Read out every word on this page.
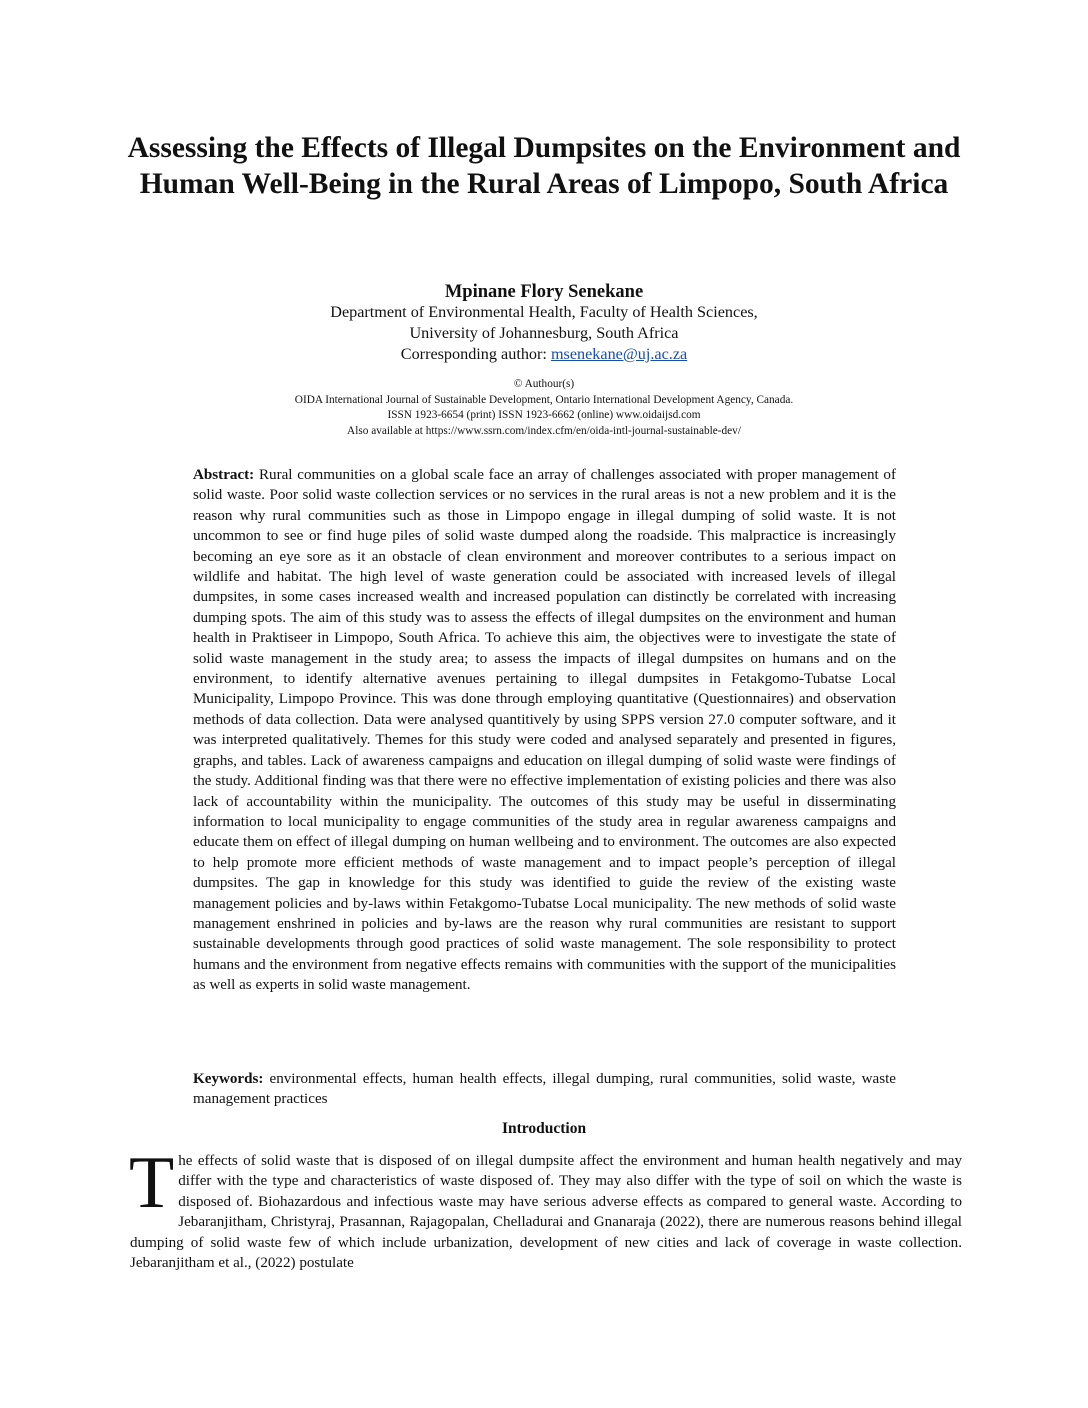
Assessing the Effects of Illegal Dumpsites on the Environment and Human Well-Being in the Rural Areas of Limpopo, South Africa
Mpinane Flory Senekane
Department of Environmental Health, Faculty of Health Sciences,
University of Johannesburg, South Africa
Corresponding author: msenekane@uj.ac.za
© Authour(s)
OIDA International Journal of Sustainable Development, Ontario International Development Agency, Canada.
ISSN 1923-6654 (print) ISSN 1923-6662 (online) www.oidaijsd.com
Also available at https://www.ssrn.com/index.cfm/en/oida-intl-journal-sustainable-dev/

Abstract: Rural communities on a global scale face an array of challenges associated with proper management of solid waste. Poor solid waste collection services or no services in the rural areas is not a new problem and it is the reason why rural communities such as those in Limpopo engage in illegal dumping of solid waste. It is not uncommon to see or find huge piles of solid waste dumped along the roadside. This malpractice is increasingly becoming an eye sore as it an obstacle of clean environment and moreover contributes to a serious impact on wildlife and habitat. The high level of waste generation could be associated with increased levels of illegal dumpsites, in some cases increased wealth and increased population can distinctly be correlated with increasing dumping spots. The aim of this study was to assess the effects of illegal dumpsites on the environment and human health in Praktiseer in Limpopo, South Africa. To achieve this aim, the objectives were to investigate the state of solid waste management in the study area; to assess the impacts of illegal dumpsites on humans and on the environment, to identify alternative avenues pertaining to illegal dumpsites in Fetakgomo-Tubatse Local Municipality, Limpopo Province. This was done through employing quantitative (Questionnaires) and observation methods of data collection. Data were analysed quantitively by using SPPS version 27.0 computer software, and it was interpreted qualitatively. Themes for this study were coded and analysed separately and presented in figures, graphs, and tables. Lack of awareness campaigns and education on illegal dumping of solid waste were findings of the study. Additional finding was that there were no effective implementation of existing policies and there was also lack of accountability within the municipality. The outcomes of this study may be useful in disserminating information to local municipality to engage communities of the study area in regular awareness campaigns and educate them on effect of illegal dumping on human wellbeing and to environment. The outcomes are also expected to help promote more efficient methods of waste management and to impact people’s perception of illegal dumpsites. The gap in knowledge for this study was identified to guide the review of the existing waste management policies and by-laws within Fetakgomo-Tubatse Local municipality. The new methods of solid waste management enshrined in policies and by-laws are the reason why rural communities are resistant to support sustainable developments through good practices of solid waste management. The sole responsibility to protect humans and the environment from negative effects remains with communities with the support of the municipalities as well as experts in solid waste management.

Keywords: environmental effects, human health effects, illegal dumping, rural communities, solid waste, waste management practices

Introduction

The effects of solid waste that is disposed of on illegal dumpsite affect the environment and human health negatively and may differ with the type and characteristics of waste disposed of. They may also differ with the type of soil on which the waste is disposed of. Biohazardous and infectious waste may have serious adverse effects as compared to general waste. According to Jebaranjitham, Christyraj, Prasannan, Rajagopalan, Chelladurai and Gnanaraja (2022), there are numerous reasons behind illegal dumping of solid waste few of which include urbanization, development of new cities and lack of coverage in waste collection. Jebaranjitham et al., (2022) postulate
